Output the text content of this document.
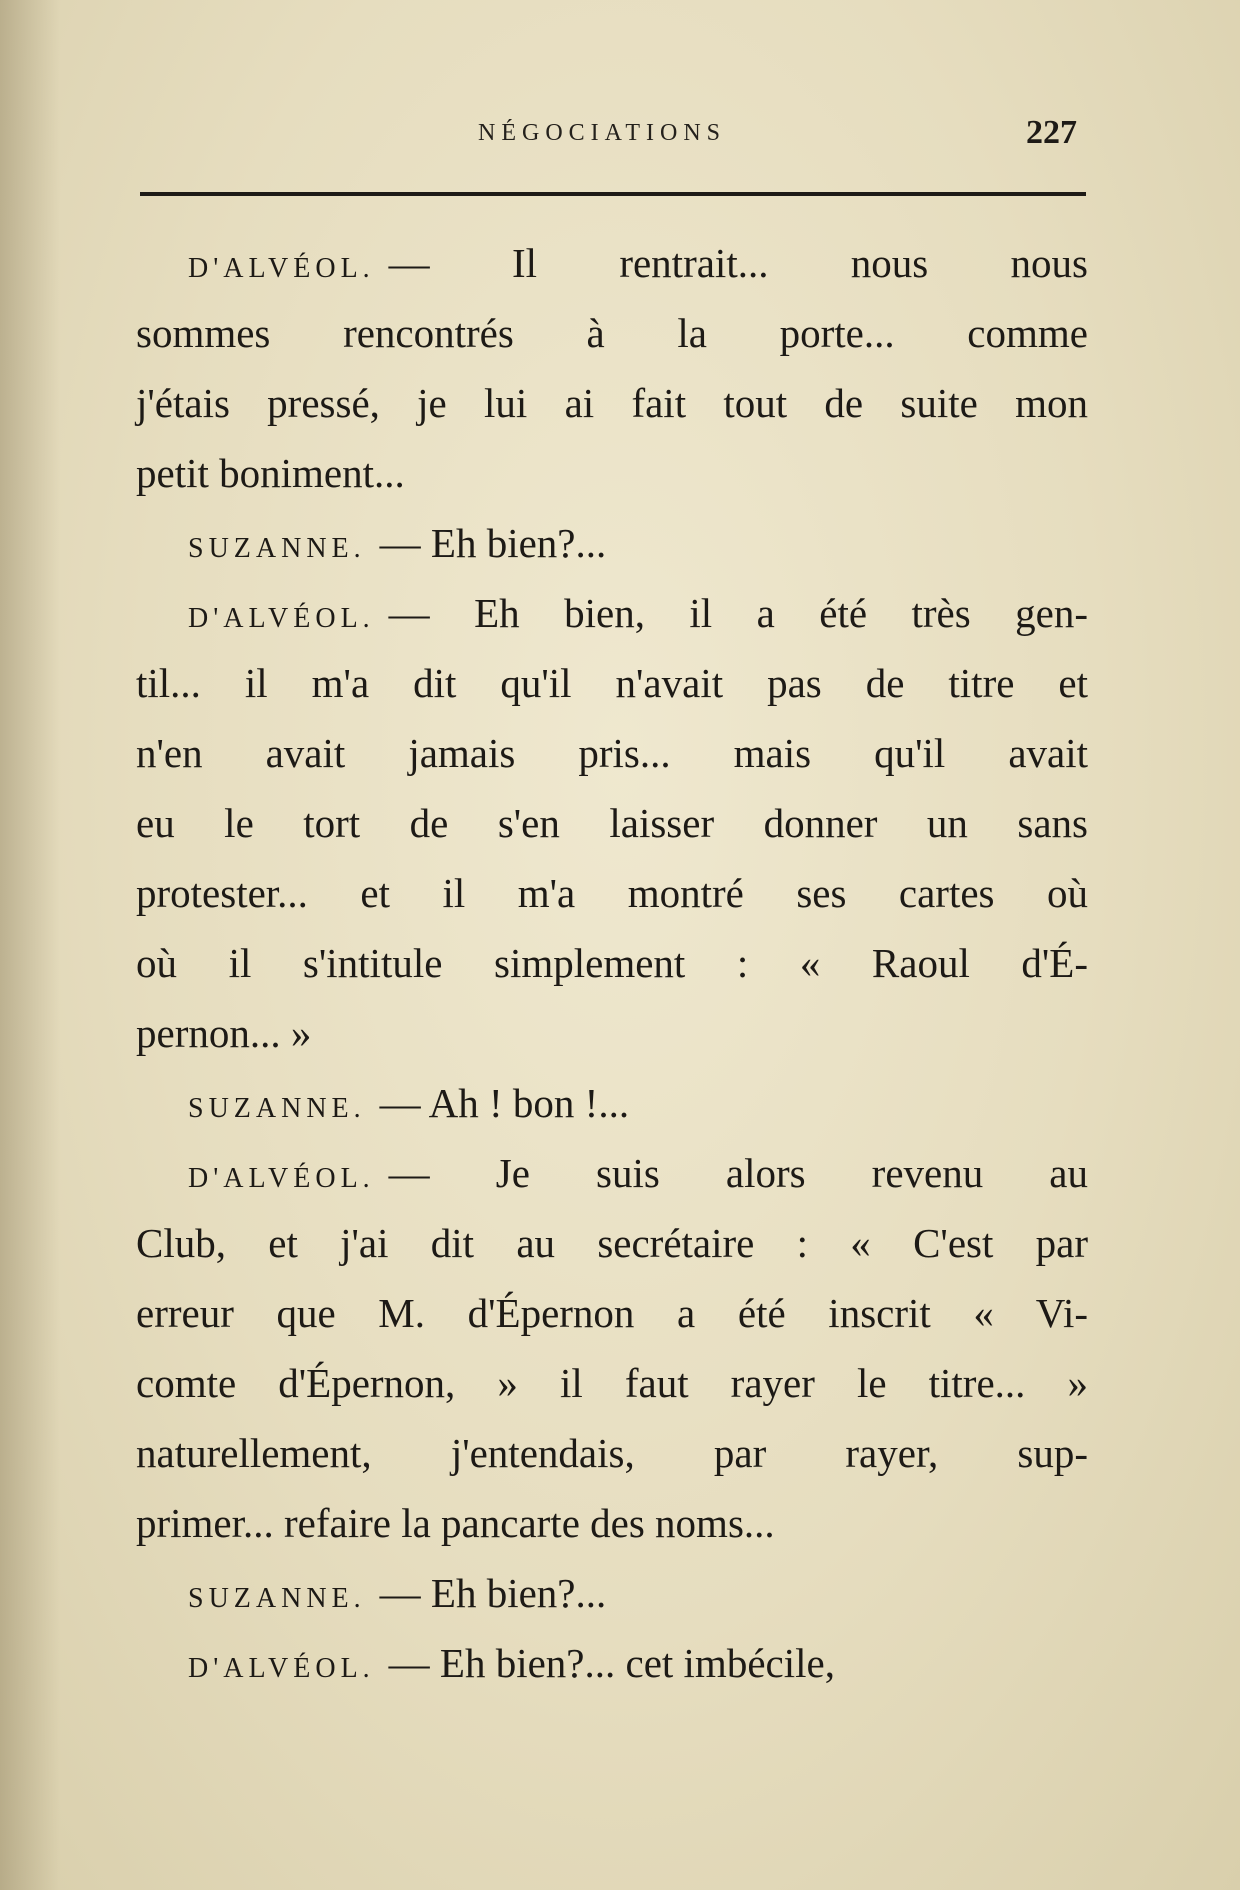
NÉGOCIATIONS	227
D'ALVÉOL. — Il rentrait... nous nous
sommes rencontrés à la porte... comme
j'étais pressé, je lui ai fait tout de suite mon
petit boniment...
SUZANNE. — Eh bien?...
D'ALVÉOL. — Eh bien, il a été très gen-
til... il m'a dit qu'il n'avait pas de titre et
n'en avait jamais pris... mais qu'il avait
eu le tort de s'en laisser donner un sans
protester... et il m'a montré ses cartes où
où il s'intitule simplement : « Raoul d'É-
pernon... »
SUZANNE. — Ah ! bon !...
D'ALVÉOL. — Je suis alors revenu au
Club, et j'ai dit au secrétaire : « C'est par
erreur que M. d'Épernon a été inscrit « Vi-
comte d'Épernon, » il faut rayer le titre... »
naturellement, j'entendais, par rayer, sup-
primer... refaire la pancarte des noms...
SUZANNE. — Eh bien?...
D'ALVÉOL. — Eh bien?... cet imbécile,
